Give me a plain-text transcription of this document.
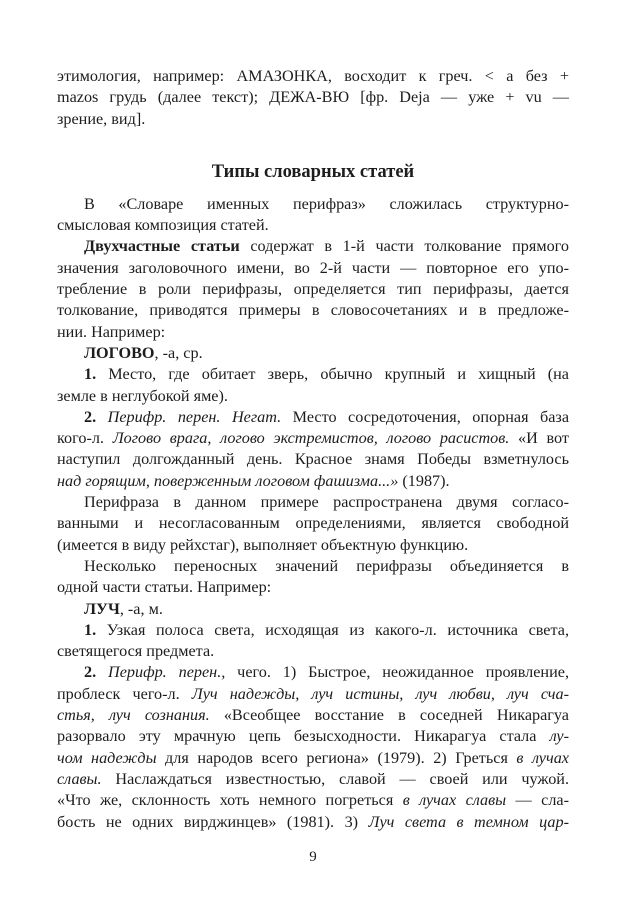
этимология, например: АМАЗОНКА, восходит к греч. < а без +
mazos грудь (далее текст); ДЕЖА-ВЮ [фр. Deja — уже + vu —
зрение, вид].
Типы словарных статей
В «Словаре именных перифраз» сложилась структурно-
смысловая композиция статей.
Двухчастные статьи содержат в 1-й части толкование прямого
значения заголовочного имени, во 2-й части — повторное его упо-
требление в роли перифразы, определяется тип перифразы, дается
толкование, приводятся примеры в словосочетаниях и в предложе-
нии. Например:
ЛОГОВО, -а, ср.
1. Место, где обитает зверь, обычно крупный и хищный (на
земле в неглубокой яме).
2. Перифр. перен. Негат. Место сосредоточения, опорная база
кого-л. Логово врага, логово экстремистов, логово расистов. «И вот
наступил долгожданный день. Красное знамя Победы взметнулось
над горящим, поверженным логовом фашизма...» (1987).
Перифраза в данном примере распространена двумя согласо-
ванными и несогласованным определениями, является свободной
(имеется в виду рейхстаг), выполняет объектную функцию.
Несколько переносных значений перифразы объединяется в
одной части статьи. Например:
ЛУЧ, -а, м.
1. Узкая полоса света, исходящая из какого-л. источника света,
светящегося предмета.
2. Перифр. перен., чего. 1) Быстрое, неожиданное проявление,
проблеск чего-л. Луч надежды, луч истины, луч любви, луч сча-
стья, луч сознания. «Всеобщее восстание в соседней Никарагуа
разорвало эту мрачную цепь безысходности. Никарагуа стала лу-
чом надежды для народов всего региона» (1979). 2) Греться в лучах
славы. Наслаждаться известностью, славой — своей или чужой.
«Что же, склонность хоть немного погреться в лучах славы — сла-
бость не одних вирджинцев» (1981). 3) Луч света в темном цар-
9
